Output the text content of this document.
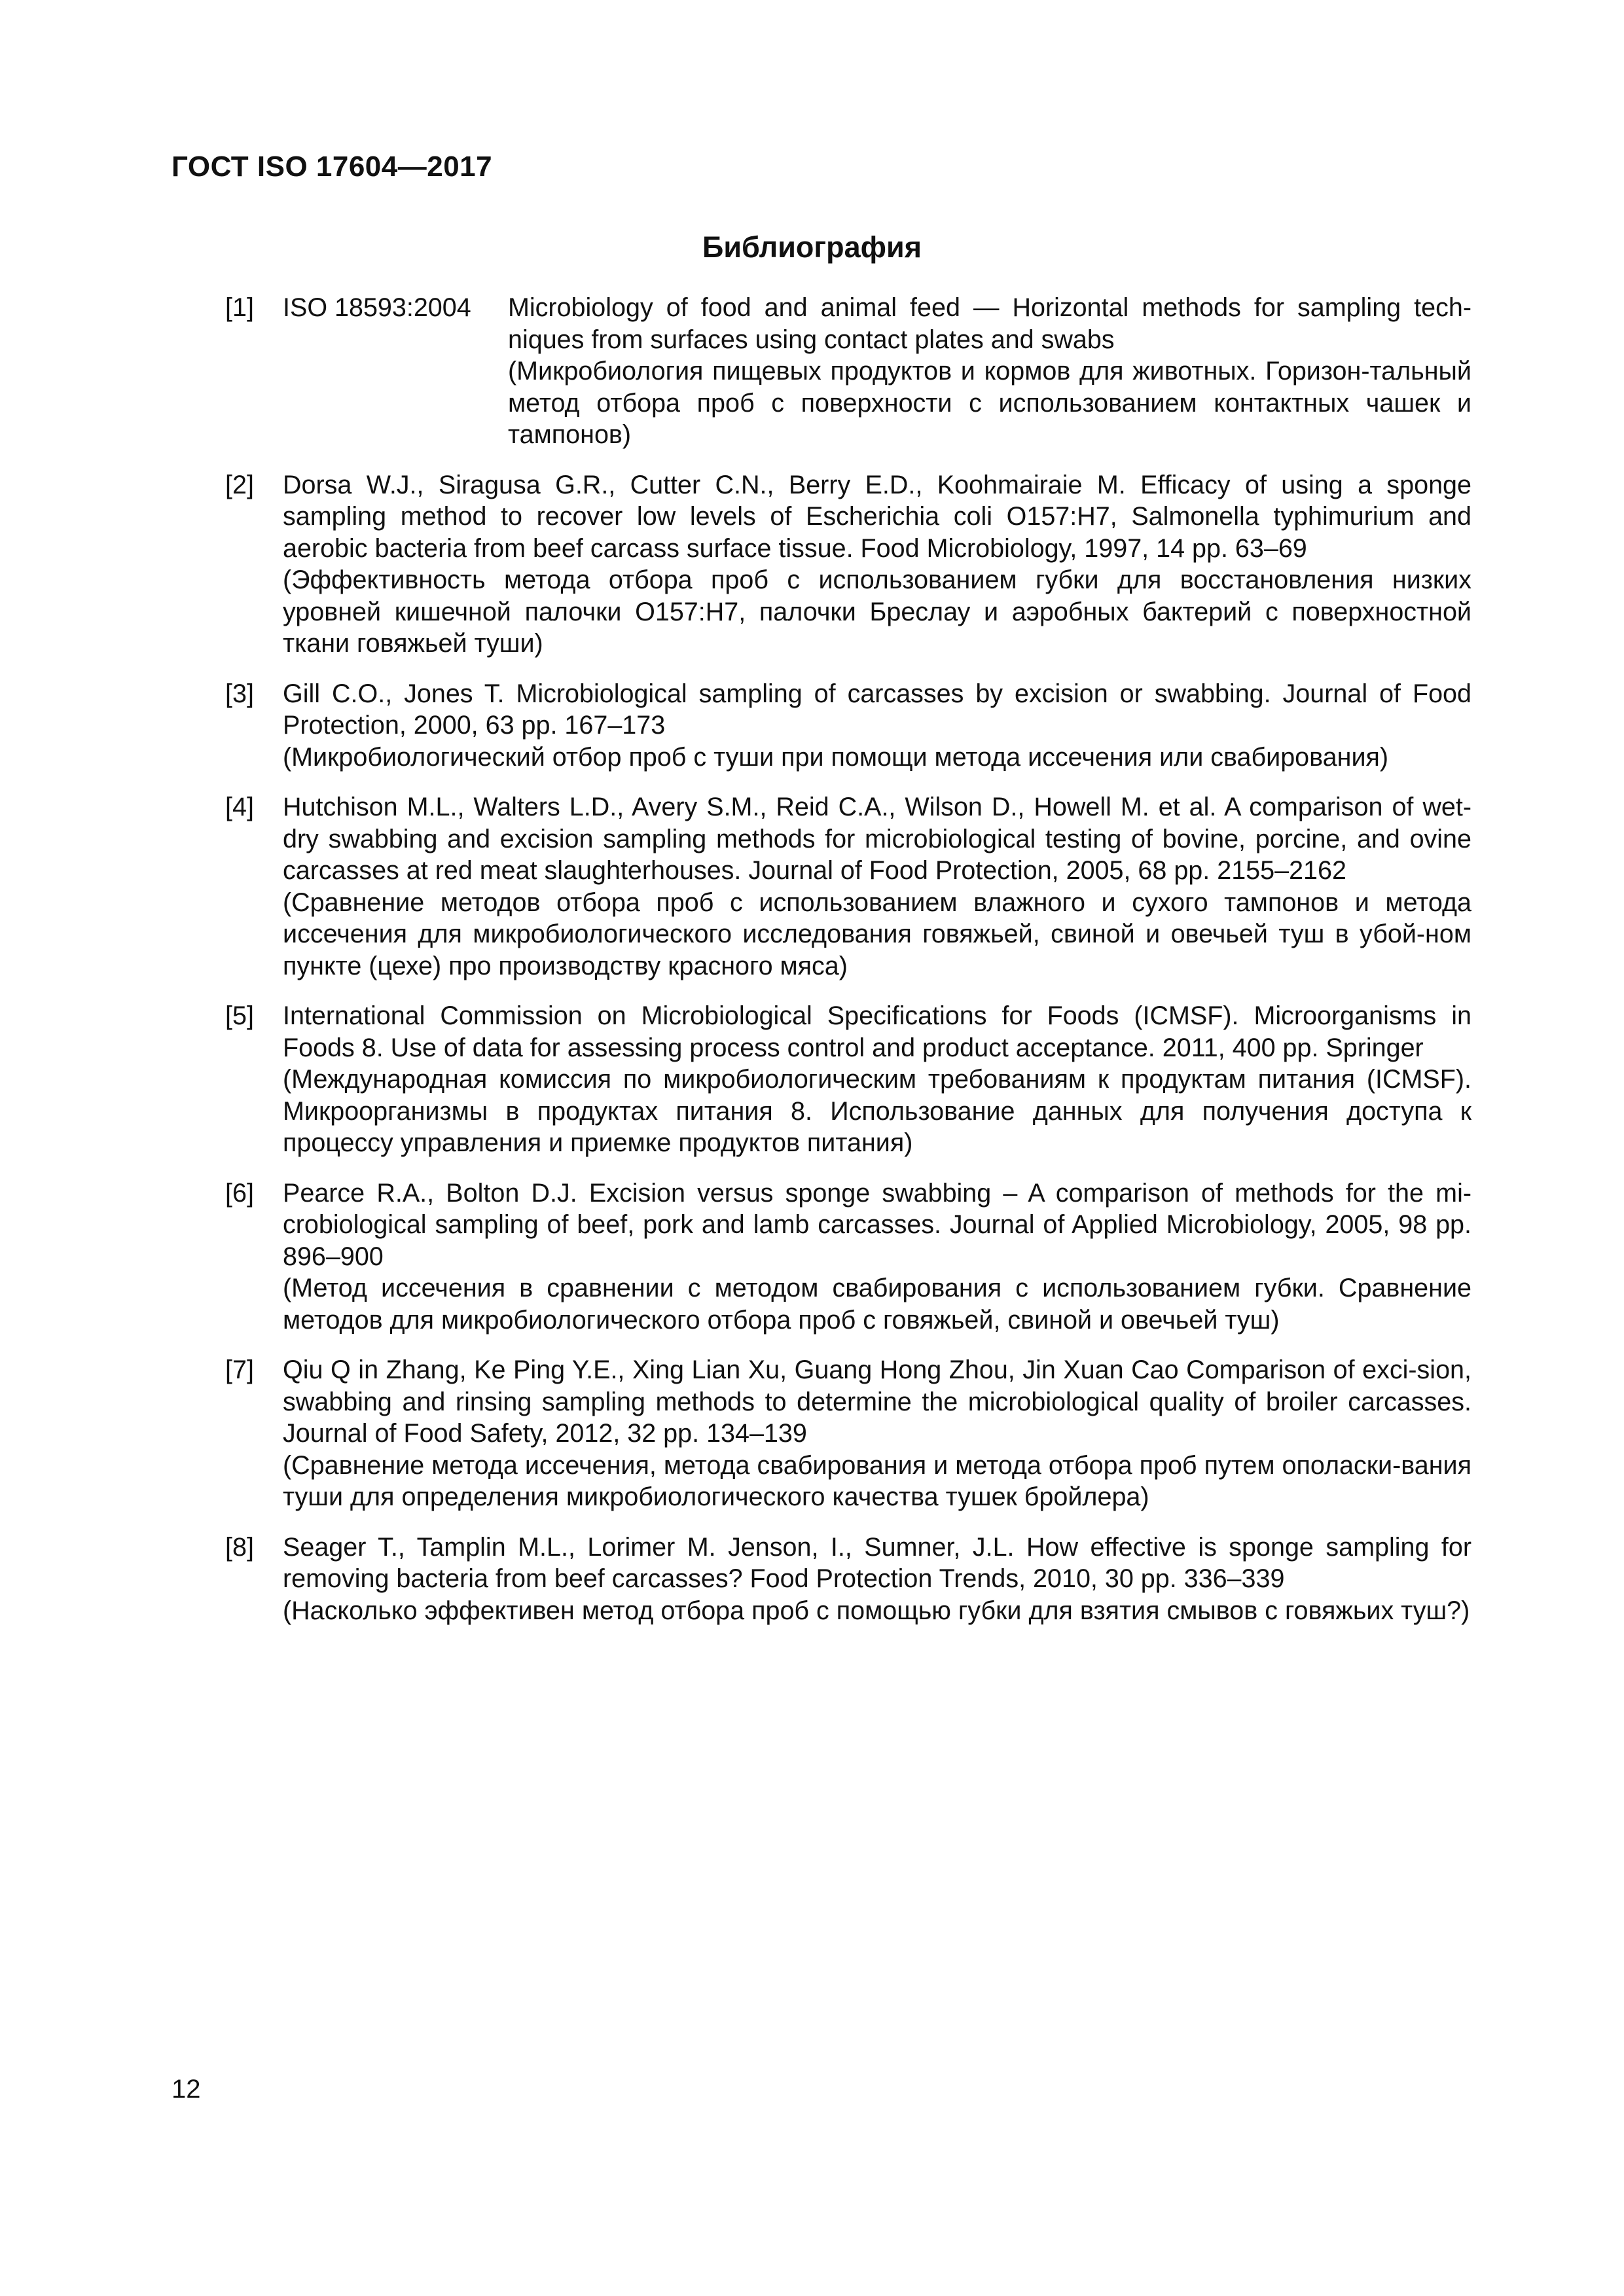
ГОСТ ISO 17604—2017
Библиография
[1] ISO 18593:2004	Microbiology of food and animal feed — Horizontal methods for sampling tech-niques from surfaces using contact plates and swabs

(Микробиология пищевых продуктов и кормов для животных. Горизон-тальный метод отбора проб с поверхности с использованием контактных чашек и тампонов)

[2] Dorsa W.J., Siragusa G.R., Cutter C.N., Berry E.D., Koohmairaie M. Efficacy of using a sponge sampling method to recover low levels of Escherichia coli O157:H7, Salmonella typhimurium and aerobic bacteria from beef carcass surface tissue. Food Microbiology, 1997, 14 pp. 63–69

(Эффективность метода отбора проб с использованием губки для восстановления низких уровней кишечной палочки O157:H7, палочки Бреслау и аэробных бактерий с поверхностной ткани говяжьей туши)

[3] Gill C.O., Jones T. Microbiological sampling of carcasses by excision or swabbing. Journal of Food Protection, 2000, 63 pp. 167–173

(Микробиологический отбор проб с туши при помощи метода иссечения или свабирования)

[4] Hutchison M.L., Walters L.D., Avery S.M., Reid C.A., Wilson D., Howell M. et al. A comparison of wet-dry swabbing and excision sampling methods for microbiological testing of bovine, porcine, and ovine carcasses at red meat slaughterhouses. Journal of Food Protection, 2005, 68 pp. 2155–2162

(Сравнение методов отбора проб с использованием влажного и сухого тампонов и метода иссечения для микробиологического исследования говяжьей, свиной и овечьей туш в убой-ном пункте (цехе) про производству красного мяса)

[5] International Commission on Microbiological Specifications for Foods (ICMSF). Microorganisms in Foods 8. Use of data for assessing process control and product acceptance. 2011, 400 pp. Springer

(Международная комиссия по микробиологическим требованиям к продуктам питания (ICMSF). Микроорганизмы в продуктах питания 8. Использование данных для получения доступа к процессу управления и приемке продуктов питания)

[6] Pearce R.A., Bolton D.J. Excision versus sponge swabbing – A comparison of methods for the mi-crobiological sampling of beef, pork and lamb carcasses. Journal of Applied Microbiology, 2005, 98 pp. 896–900

(Метод иссечения в сравнении с методом свабирования с использованием губки. Сравнение методов для микробиологического отбора проб с говяжьей, свиной и овечьей туш)

[7] Qiu Q in Zhang, Ke Ping Y.E., Xing Lian Xu, Guang Hong Zhou, Jin Xuan Cao Comparison of exci-sion, swabbing and rinsing sampling methods to determine the microbiological quality of broiler carcasses. Journal of Food Safety, 2012, 32 pp. 134–139

(Сравнение метода иссечения, метода свабирования и метода отбора проб путем ополаски-вания туши для определения микробиологического качества тушек бройлера)

[8] Seager T., Tamplin M.L., Lorimer M. Jenson, I., Sumner, J.L. How effective is sponge sampling for removing bacteria from beef carcasses? Food Protection Trends, 2010, 30 pp. 336–339

(Насколько эффективен метод отбора проб с помощью губки для взятия смывов с говяжьих туш?)

12
